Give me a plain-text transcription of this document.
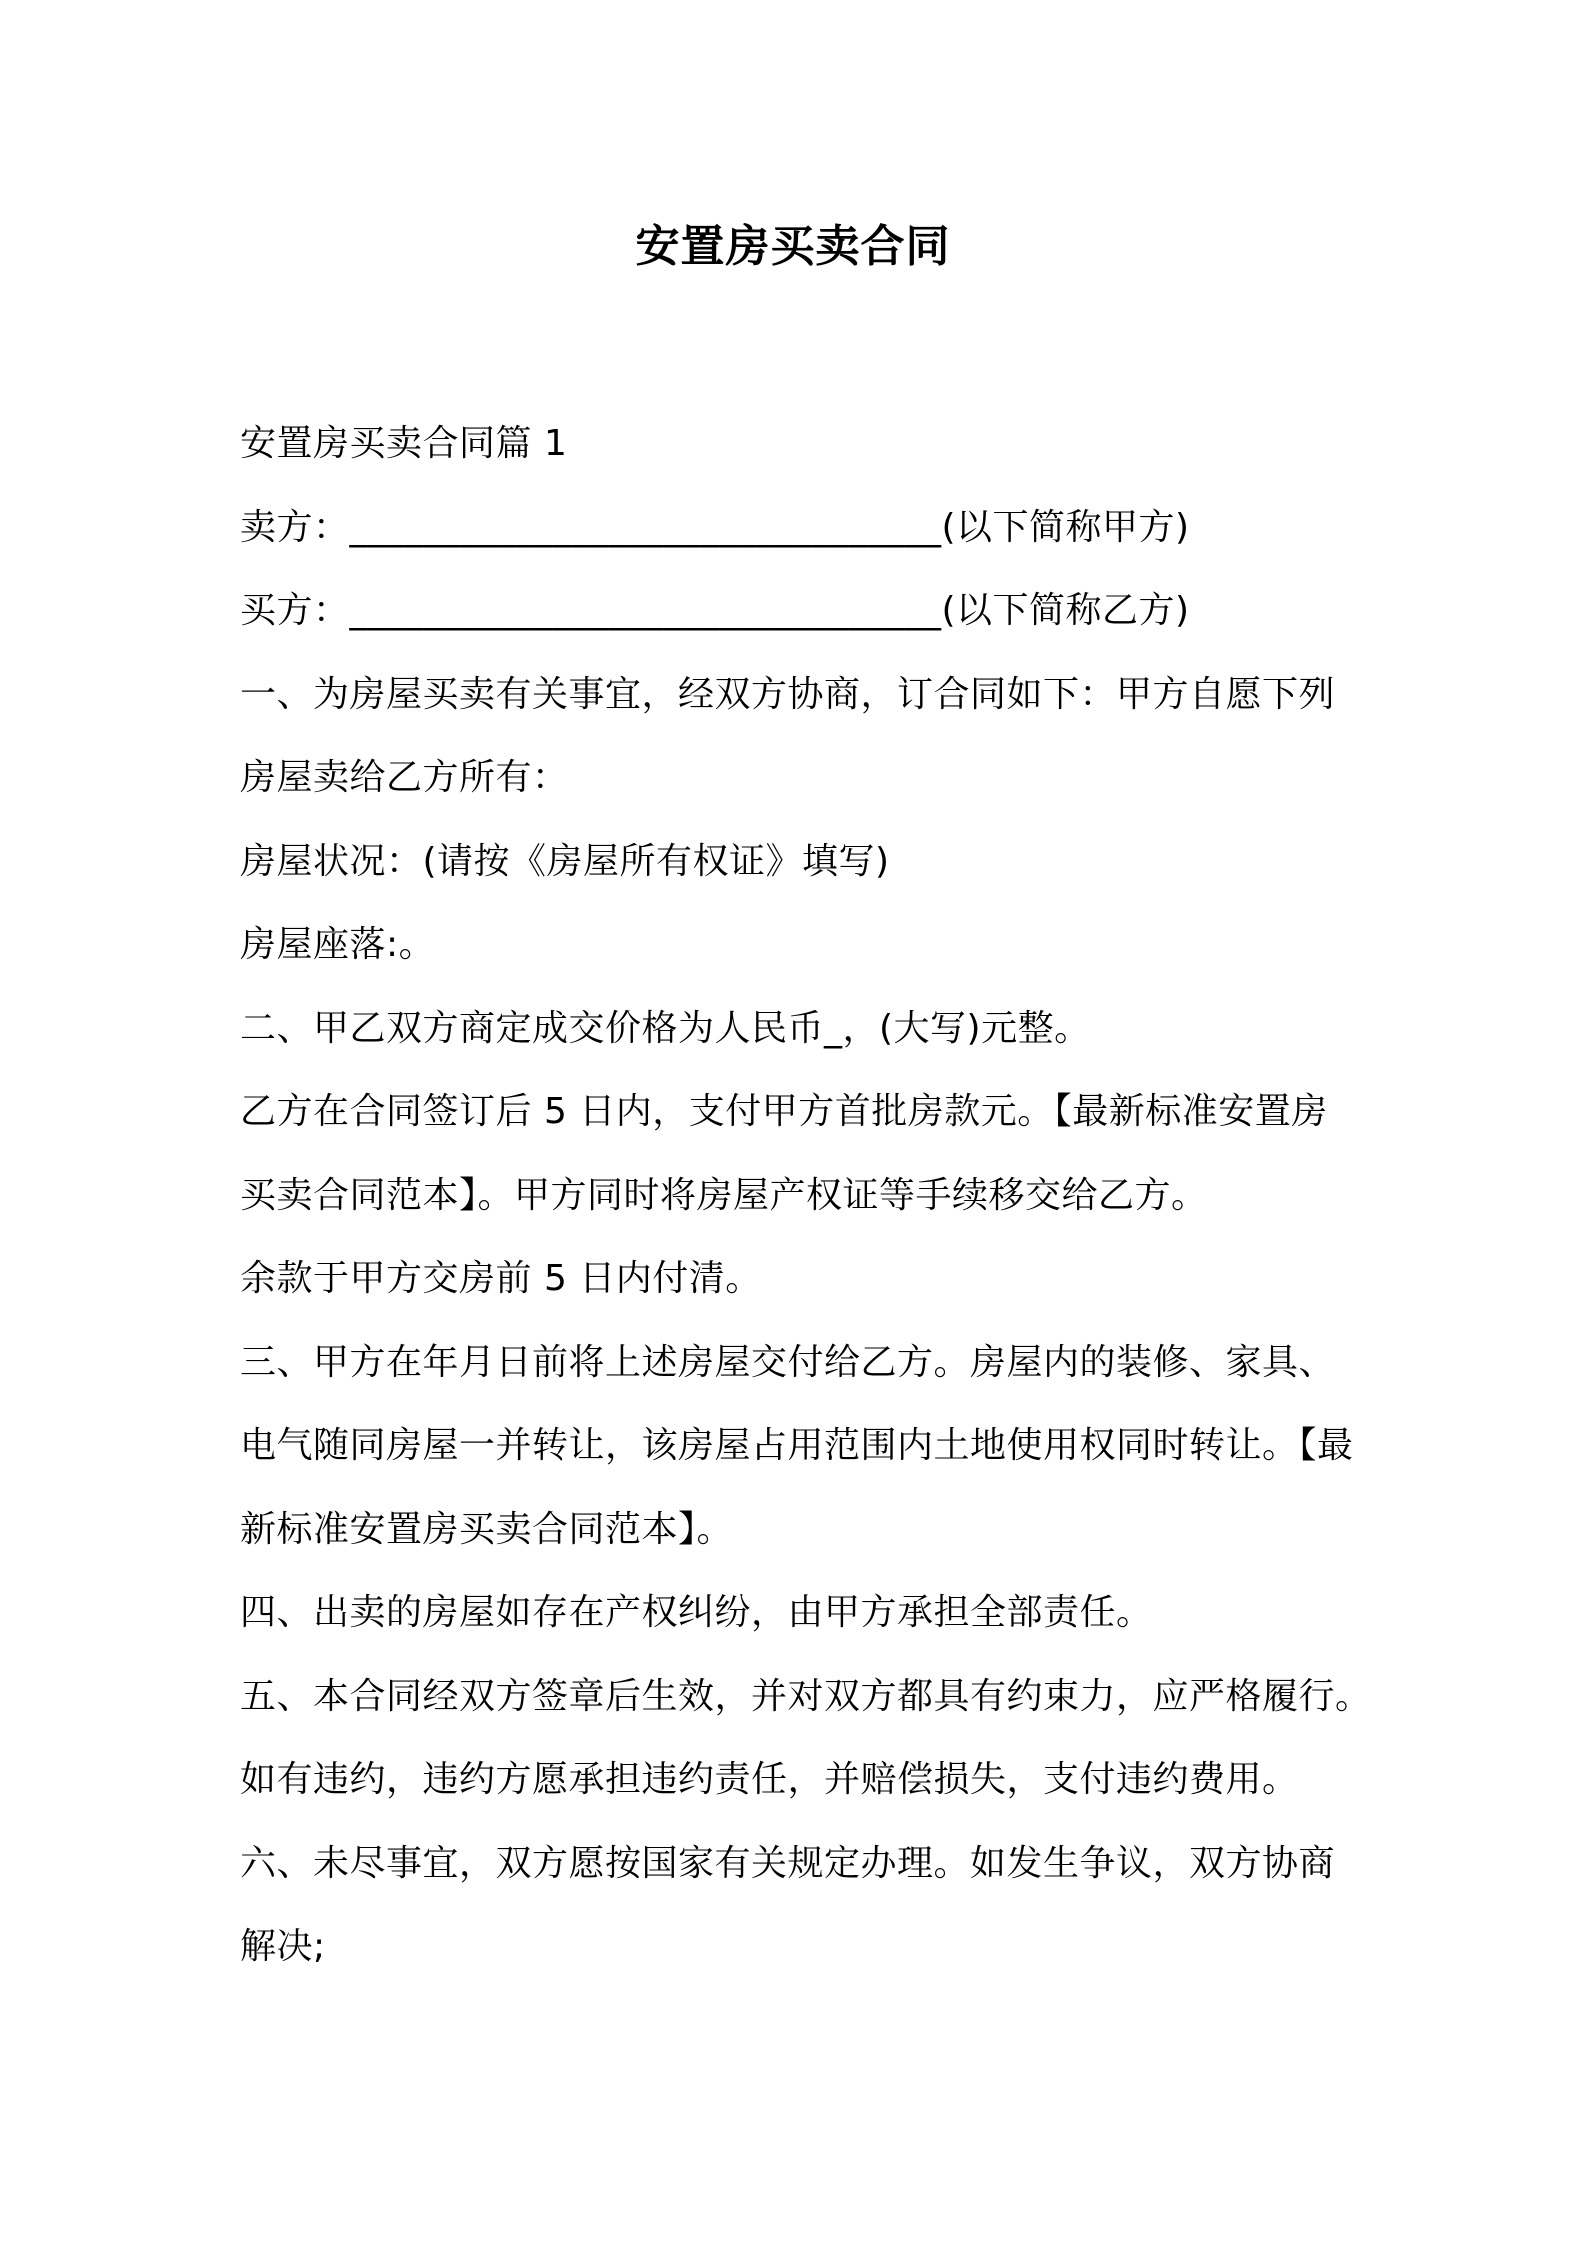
安置房买卖合同

安置房买卖合同篇 1

卖方：________________________________(以下简称甲方)

买方：________________________________(以下简称乙方)

一、为房屋买卖有关事宜，经双方协商，订合同如下：甲方自愿下列

房屋卖给乙方所有：

房屋状况：(请按《房屋所有权证》填写)

房屋座落:。

二、甲乙双方商定成交价格为人民币_，(大写)元整。

乙方在合同签订后 5 日内，支付甲方首批房款元。【最新标准安置房

买卖合同范本】。甲方同时将房屋产权证等手续移交给乙方。

余款于甲方交房前 5 日内付清。

三、甲方在年月日前将上述房屋交付给乙方。房屋内的装修、家具、

电气随同房屋一并转让，该房屋占用范围内土地使用权同时转让。【最

新标准安置房买卖合同范本】。

四、出卖的房屋如存在产权纠纷，由甲方承担全部责任。

五、本合同经双方签章后生效，并对双方都具有约束力，应严格履行。

如有违约，违约方愿承担违约责任，并赔偿损失，支付违约费用。

六、未尽事宜，双方愿按国家有关规定办理。如发生争议，双方协商

解决;
